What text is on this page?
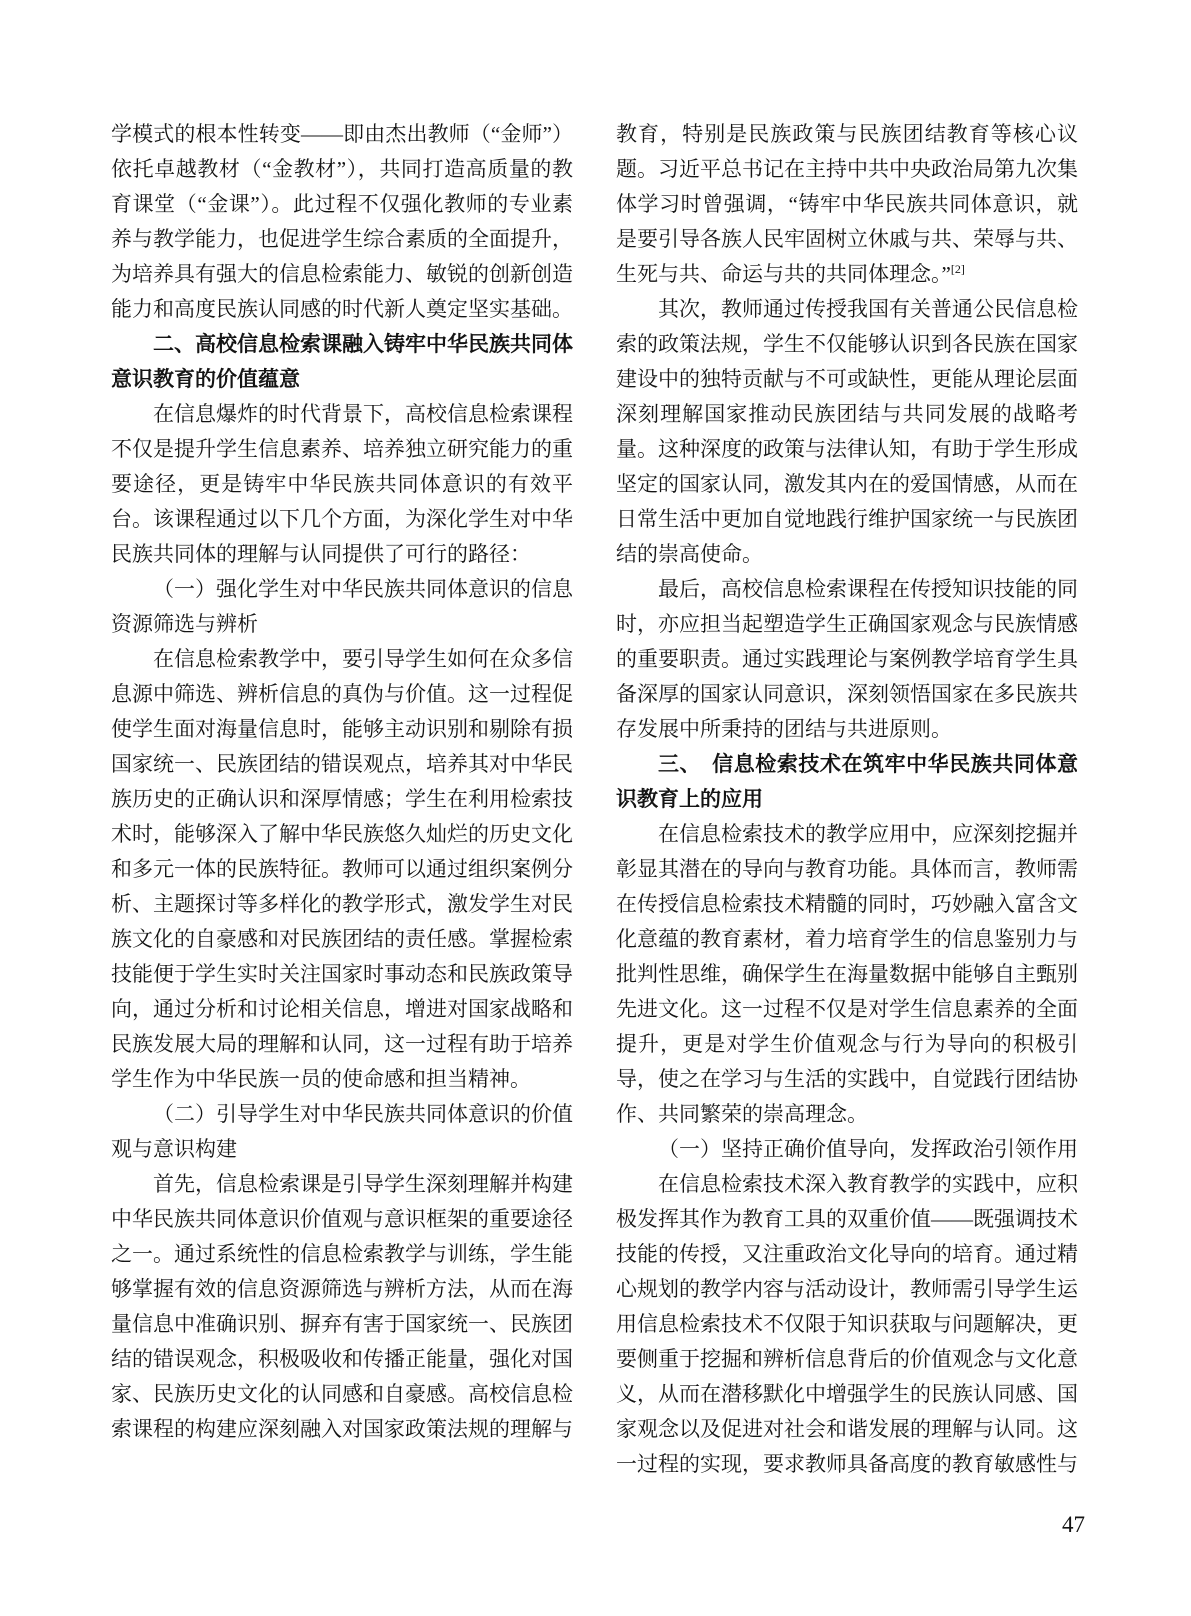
学模式的根本性转变——即由杰出教师（“金师”）依托卓越教材（“金教材”），共同打造高质量的教育课堂（“金课”）。此过程不仅强化教师的专业素养与教学能力，也促进学生综合素质的全面提升，为培养具有强大的信息检索能力、敏锐的创新创造能力和高度民族认同感的时代新人奠定坚实基础。

二、高校信息检索课融入铸牢中华民族共同体意识教育的价值蕴意

在信息爆炸的时代背景下，高校信息检索课程不仅是提升学生信息素养、培养独立研究能力的重要途径，更是铸牢中华民族共同体意识的有效平台。该课程通过以下几个方面，为深化学生对中华民族共同体的理解与认同提供了可行的路径：

（一）强化学生对中华民族共同体意识的信息资源筛选与辨析

在信息检索教学中，要引导学生如何在众多信息源中筛选、辨析信息的真伪与价值。这一过程促使学生面对海量信息时，能够主动识别和剔除有损国家统一、民族团结的错误观点，培养其对中华民族历史的正确认识和深厚情感；学生在利用检索技术时，能够深入了解中华民族悠久灿烂的历史文化和多元一体的民族特征。教师可以通过组织案例分析、主题探讨等多样化的教学形式，激发学生对民族文化的自豪感和对民族团结的责任感。掌握检索技能便于学生实时关注国家时事动态和民族政策导向，通过分析和讨论相关信息，增进对国家战略和民族发展大局的理解和认同，这一过程有助于培养学生作为中华民族一员的使命感和担当精神。

（二）引导学生对中华民族共同体意识的价值观与意识构建

首先，信息检索课是引导学生深刻理解并构建中华民族共同体意识价值观与意识框架的重要途径之一。通过系统性的信息检索教学与训练，学生能够掌握有效的信息资源筛选与辨析方法，从而在海量信息中准确识别、摒弃有害于国家统一、民族团结的错误观念，积极吸收和传播正能量，强化对国家、民族历史文化的认同感和自豪感。高校信息检索课程的构建应深刻融入对国家政策法规的理解与

教育，特别是民族政策与民族团结教育等核心议题。习近平总书记在主持中共中央政治局第九次集体学习时曾强调，“铸牢中华民族共同体意识，就是要引导各族人民牢固树立休戚与共、荣辱与共、生死与共、命运与共的共同体理念。”[2]

其次，教师通过传授我国有关普通公民信息检索的政策法规，学生不仅能够认识到各民族在国家建设中的独特贡献与不可或缺性，更能从理论层面深刻理解国家推动民族团结与共同发展的战略考量。这种深度的政策与法律认知，有助于学生形成坚定的国家认同，激发其内在的爱国情感，从而在日常生活中更加自觉地践行维护国家统一与民族团结的崇高使命。

最后，高校信息检索课程在传授知识技能的同时，亦应担当起塑造学生正确国家观念与民族情感的重要职责。通过实践理论与案例教学培育学生具备深厚的国家认同意识，深刻领悟国家在多民族共存发展中所秉持的团结与共进原则。

三、　信息检索技术在筑牢中华民族共同体意识教育上的应用

在信息检索技术的教学应用中，应深刻挖掘并彰显其潜在的导向与教育功能。具体而言，教师需在传授信息检索技术精髓的同时，巧妙融入富含文化意蕴的教育素材，着力培育学生的信息鉴别力与批判性思维，确保学生在海量数据中能够自主甄别先进文化。这一过程不仅是对学生信息素养的全面提升，更是对学生价值观念与行为导向的积极引导，使之在学习与生活的实践中，自觉践行团结协作、共同繁荣的崇高理念。

（一）坚持正确价值导向，发挥政治引领作用

在信息检索技术深入教育教学的实践中，应积极发挥其作为教育工具的双重价值——既强调技术技能的传授，又注重政治文化导向的培育。通过精心规划的教学内容与活动设计，教师需引导学生运用信息检索技术不仅限于知识获取与问题解决，更要侧重于挖掘和辨析信息背后的价值观念与文化意义，从而在潜移默化中增强学生的民族认同感、国家观念以及促进对社会和谐发展的理解与认同。这一过程的实现，要求教师具备高度的教育敏感性与

47
